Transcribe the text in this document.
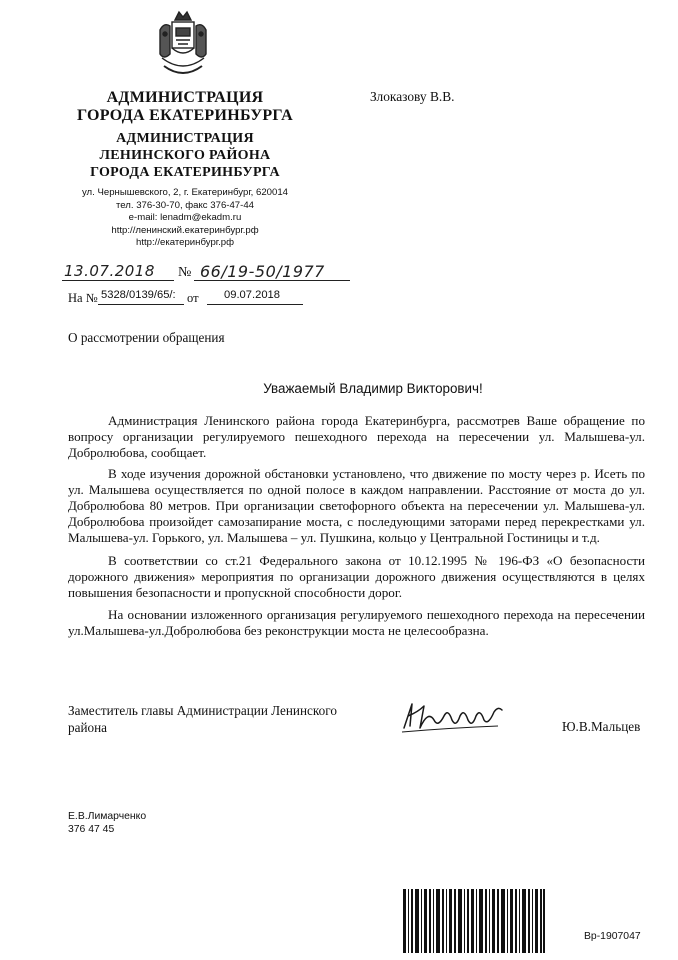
АДМИНИСТРАЦИЯ
ГОРОДА ЕКАТЕРИНБУРГА
АДМИНИСТРАЦИЯ
ЛЕНИНСКОГО РАЙОНА
ГОРОДА ЕКАТЕРИНБУРГА
ул. Чернышевского, 2, г. Екатеринбург, 620014
тел. 376-30-70, факс 376-47-44
e-mail: lenadm@ekadm.ru
http://ленинский.екатеринбург.рф
http://екатеринбург.рф
Злоказову В.В.
13.07.2018 № 66/19-50/1977
На № 5328/0139/65/: от 09.07.2018
О рассмотрении обращения
Уважаемый Владимир Викторович!

Администрация Ленинского района города Екатеринбурга, рассмотрев Ваше обращение по вопросу организации регулируемого пешеходного перехода на пересечении ул. Малышева-ул. Добролюбова, сообщает.

В ходе изучения дорожной обстановки установлено, что движение по мосту через р. Исеть по ул. Малышева осуществляется по одной полосе в каждом направлении. Расстояние от моста до ул. Добролюбова 80 метров. При организации светофорного объекта на пересечении ул. Малышева-ул. Добролюбова произойдет самозапирание моста, с последующими заторами перед перекрестками ул. Малышева-ул. Горького, ул. Малышева – ул. Пушкина, кольцо у Центральной Гостиницы и т.д.

В соответствии со ст.21 Федерального закона от 10.12.1995 № 196-ФЗ «О безопасности дорожного движения» мероприятия по организации дорожного движения осуществляются в целях повышения безопасности и пропускной способности дорог.

На основании изложенного организация регулируемого пешеходного перехода на пересечении ул.Малышева-ул.Добролюбова без реконструкции моста не целесообразна.

Заместитель главы Администрации Ленинского района	Ю.В.Мальцев
Е.В.Лимарченко
376 47 45
Вр-1907047
